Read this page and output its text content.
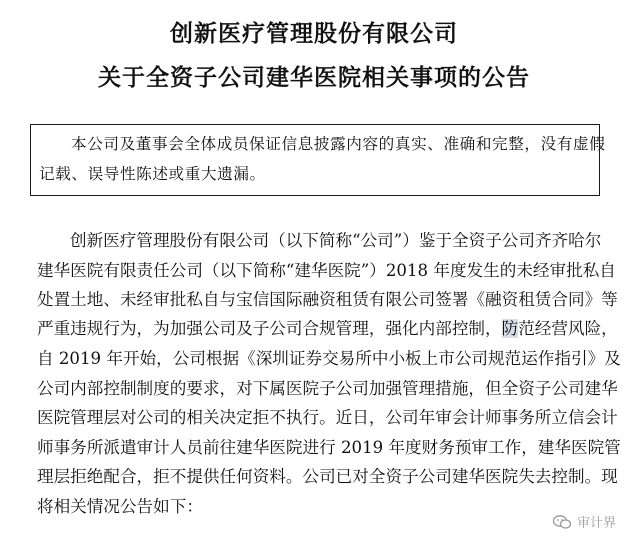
创新医疗管理股份有限公司
关于全资子公司建华医院相关事项的公告
本公司及董事会全体成员保证信息披露内容的真实、准确和完整，没有虚假
记载、误导性陈述或重大遗漏。
创新医疗管理股份有限公司（以下简称“公司”）鉴于全资子公司齐齐哈尔
建华医院有限责任公司（以下简称“建华医院”）2018 年度发生的未经审批私自
处置土地、未经审批私自与宝信国际融资租赁有限公司签署《融资租赁合同》等
严重违规行为，为加强公司及子公司合规管理，强化内部控制，防范经营风险，
自 2019 年开始，公司根据《深圳证券交易所中小板上市公司规范运作指引》及
公司内部控制制度的要求，对下属医院子公司加强管理措施，但全资子公司建华
医院管理层对公司的相关决定拒不执行。近日，公司年审会计师事务所立信会计
师事务所派遣审计人员前往建华医院进行 2019 年度财务预审工作，建华医院管
理层拒绝配合，拒不提供任何资料。公司已对全资子公司建华医院失去控制。现
将相关情况公告如下：
审计界
